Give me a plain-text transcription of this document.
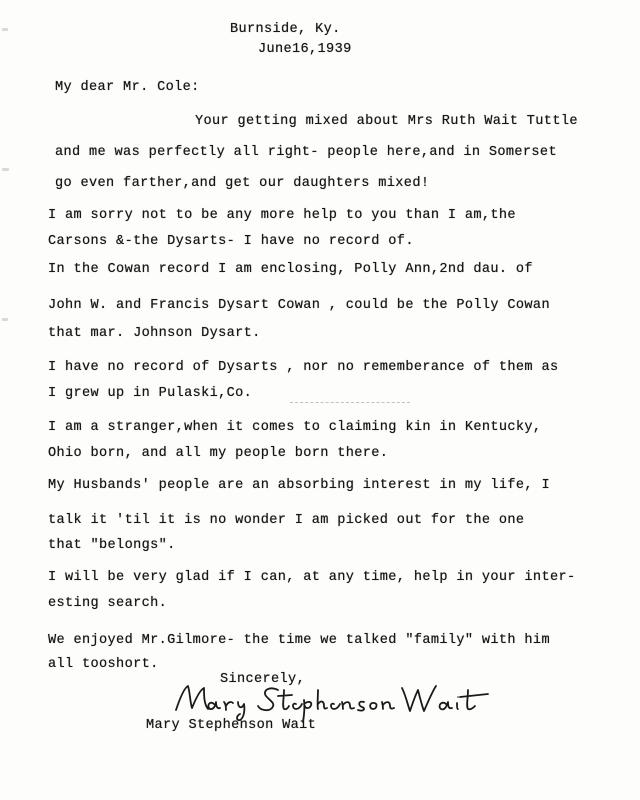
Burnside, Ky.
June16,1939
My dear Mr. Cole:
Your getting mixed about Mrs Ruth Wait Tuttle
and me was perfectly all right- people here,and in Somerset
go even farther,and get our daughters mixed!
I am sorry not to be any more help to you than I am,the
Carsons &-the Dysarts- I have no record of.
In the Cowan record I am enclosing, Polly Ann,2nd dau. of
John W. and Francis Dysart Cowan , could be the Polly Cowan
that mar. Johnson Dysart.
I have no record of Dysarts , nor no rememberance of them as
I grew up in Pulaski,Co.
I am a stranger,when it comes to claiming kin in Kentucky,
Ohio born, and all my people born there.
My Husbands' people are an absorbing interest in my life, I
talk it 'til it is no wonder I am picked out for the one
that "belongs".
I will be very glad if I can, at any time, help in your inter-
esting search.
We enjoyed Mr.Gilmore- the time we talked "family" with him
all tooshort.
Sincerely,
Mary Stephenson Wait
